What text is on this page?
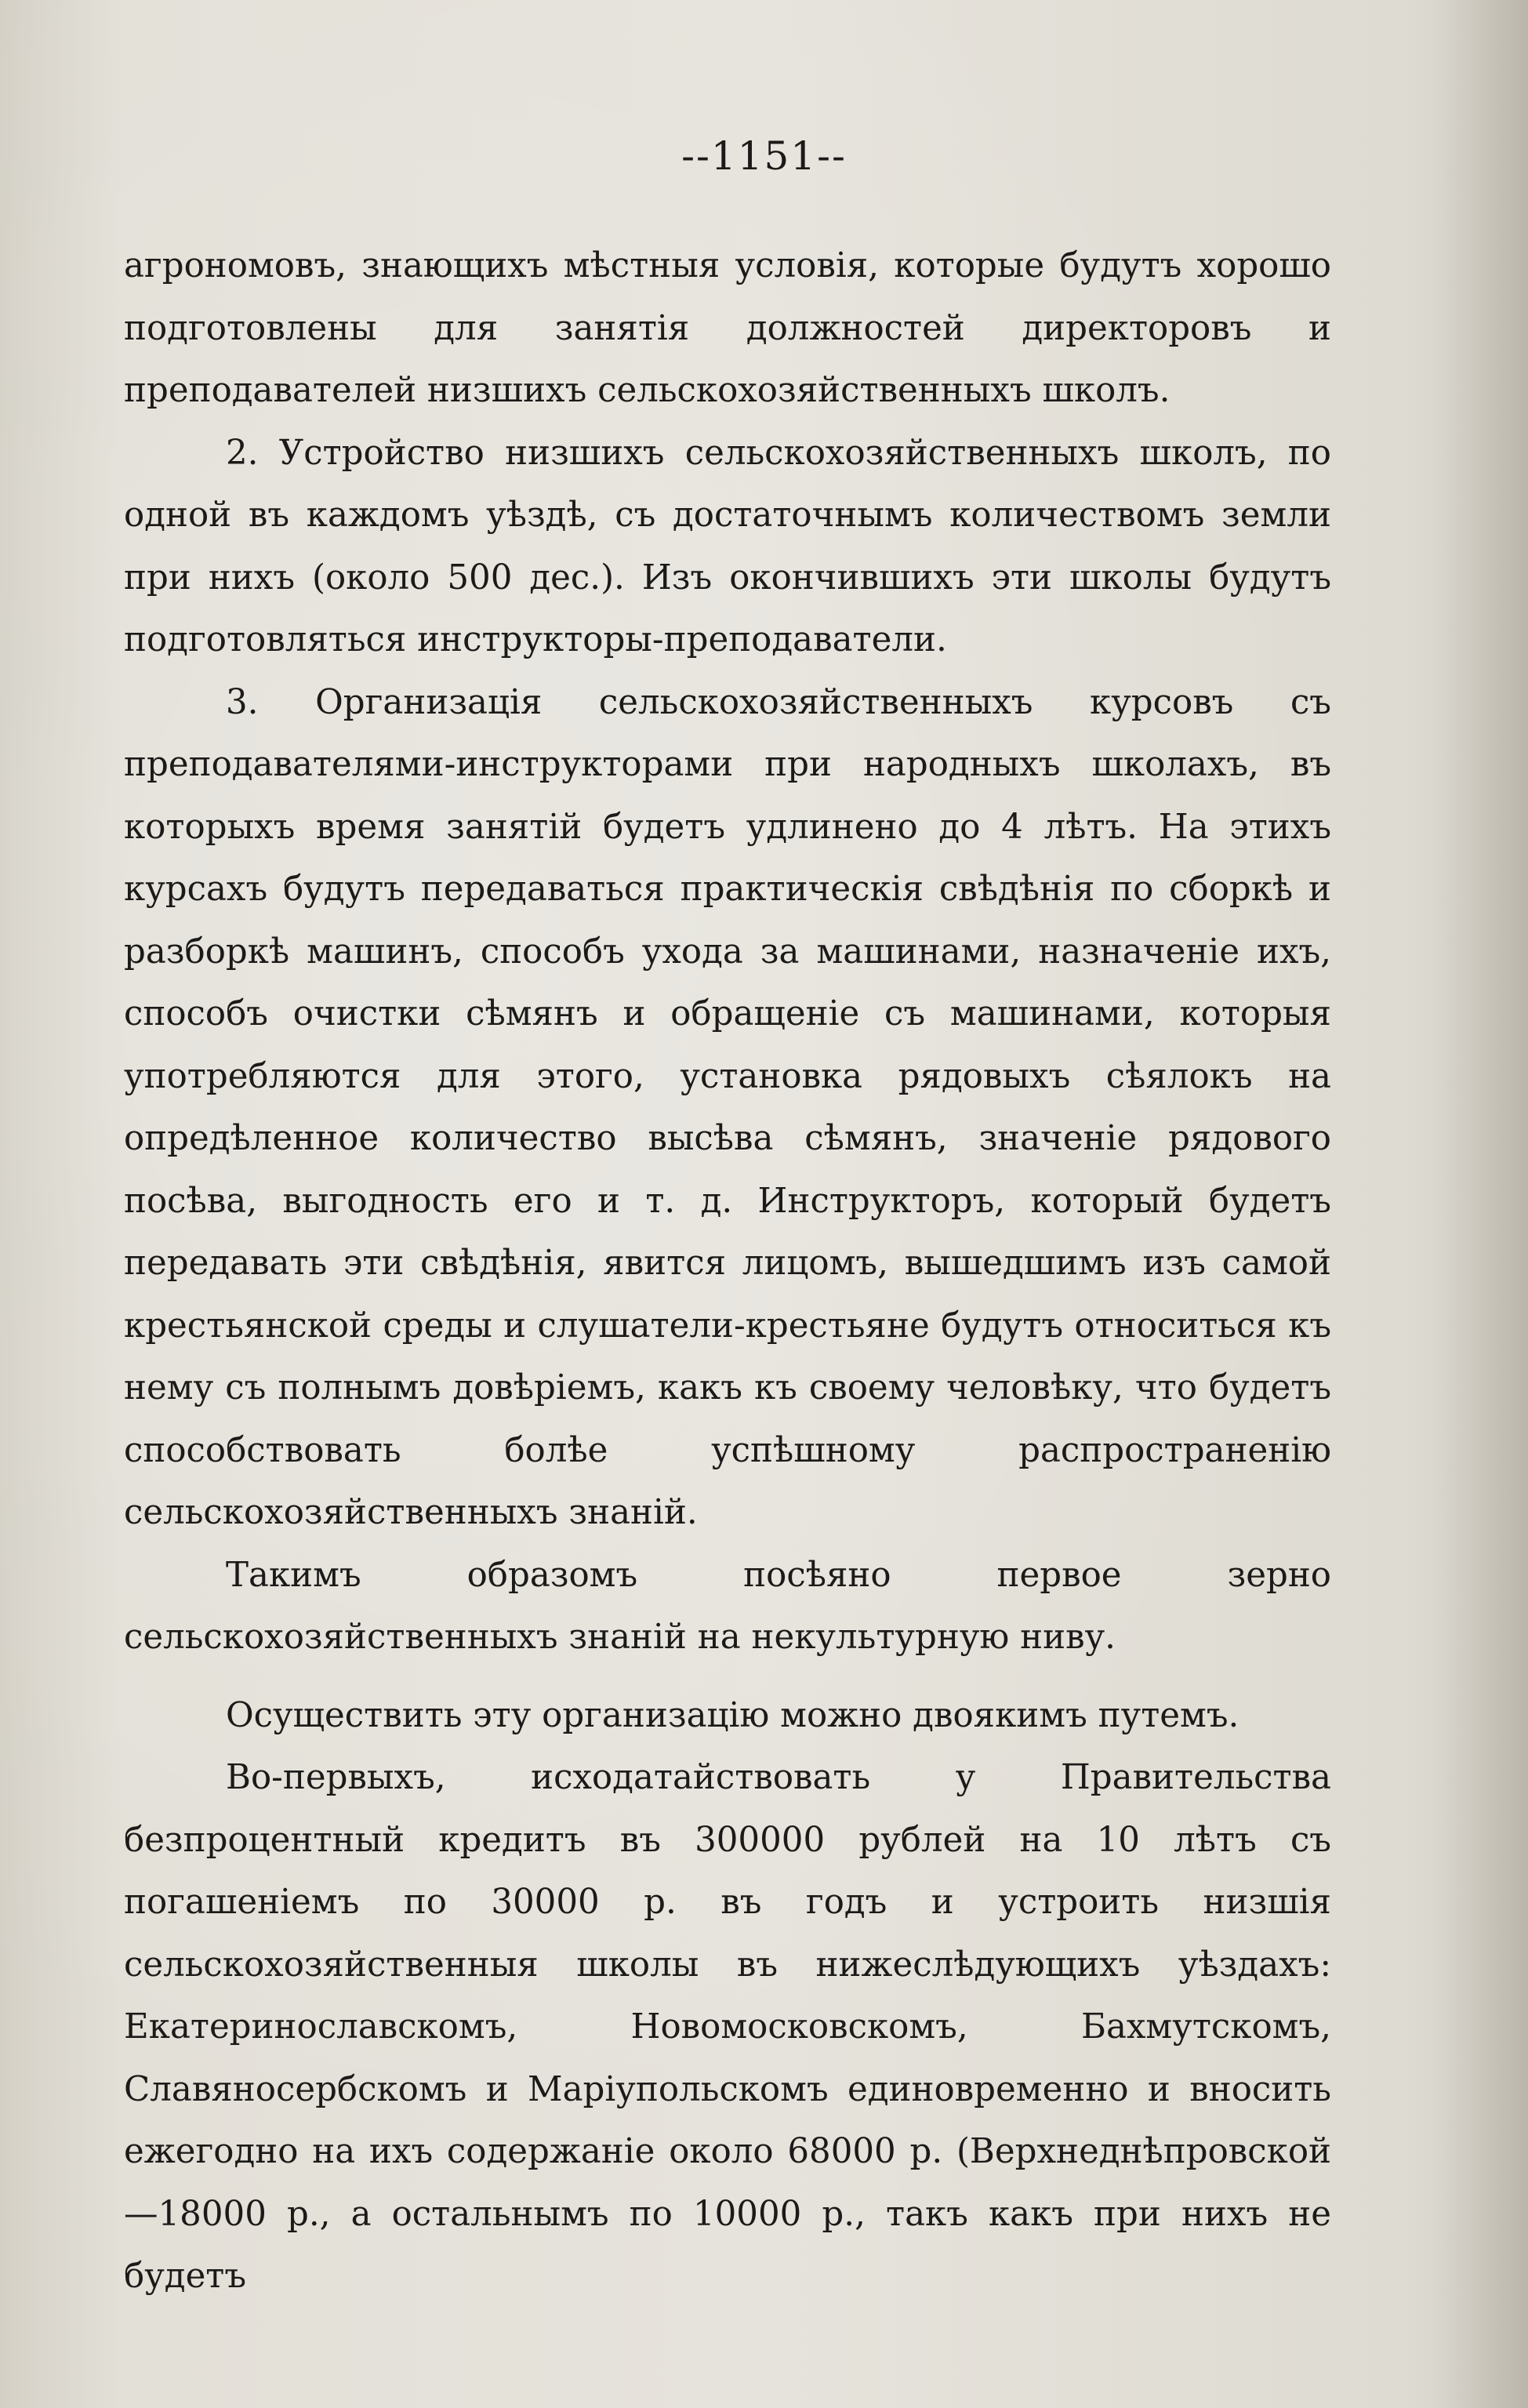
--1151--

агрономовъ, знающихъ мѣстныя условія, которые будутъ хорошо подготовлены для занятія должностей директоровъ и преподавателей низшихъ сельскохозяйственныхъ школъ.

2. Устройство низшихъ сельскохозяйственныхъ школъ, по одной въ каждомъ уѣздѣ, съ достаточнымъ количествомъ земли при нихъ (около 500 дес.). Изъ окончившихъ эти школы будутъ подготовляться инструкторы-преподаватели.

3. Организація сельскохозяйственныхъ курсовъ съ преподавателями-инструкторами при народныхъ школахъ, въ которыхъ время занятій будетъ удлинено до 4 лѣтъ. На этихъ курсахъ будутъ передаваться практическія свѣдѣнія по сборкѣ и разборкѣ машинъ, способъ ухода за машинами, назначеніе ихъ, способъ очистки сѣмянъ и обращеніе съ машинами, которыя употребляются для этого, установка рядовыхъ сѣялокъ на опредѣленное количество высѣва сѣмянъ, значеніе рядового посѣва, выгодность его и т. д. Инструкторъ, который будетъ передавать эти свѣдѣнія, явится лицомъ, вышедшимъ изъ самой крестьянской среды и слушатели-крестьяне будутъ относиться къ нему съ полнымъ довѣріемъ, какъ къ своему человѣку, что будетъ способствовать болѣе успѣшному распространенію сельскохозяйственныхъ знаній.

Такимъ образомъ посѣяно первое зерно сельскохозяйственныхъ знаній на некультурную ниву.

Осуществить эту организацію можно двоякимъ путемъ.

Во-первыхъ, исходатайствовать у Правительства безпроцентный кредитъ въ 300000 рублей на 10 лѣтъ съ погашеніемъ по 30000 р. въ годъ и устроить низшія сельскохозяйственныя школы въ нижеслѣдующихъ уѣздахъ: Екатеринославскомъ, Новомосковскомъ, Бахмутскомъ, Славяносербскомъ и Маріупольскомъ единовременно и вносить ежегодно на ихъ содержаніе около 68000 р. (Верхнеднѣпровской—18000 р., а остальнымъ по 10000 р., такъ какъ при нихъ не будетъ
